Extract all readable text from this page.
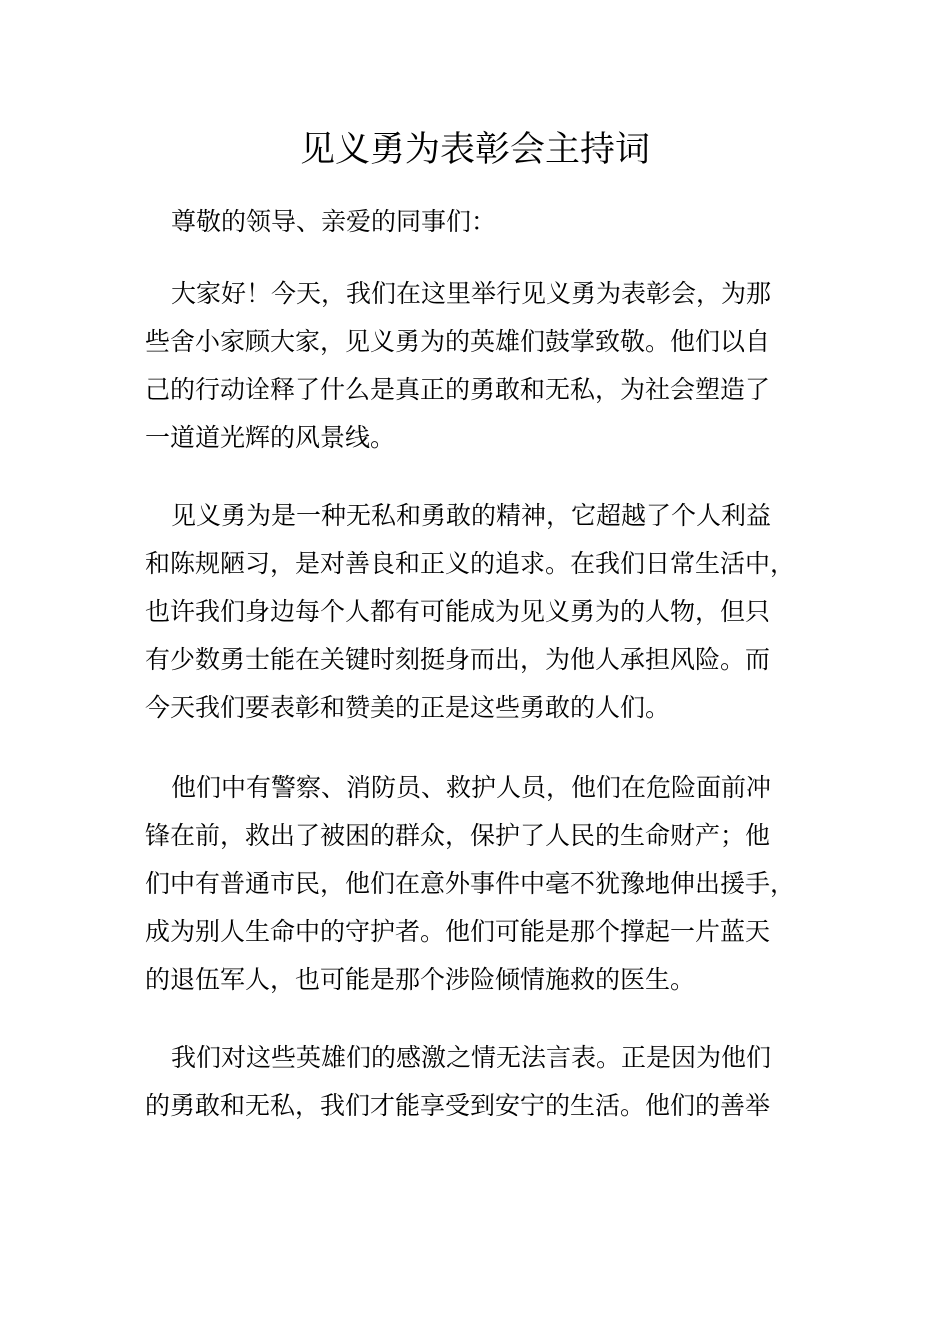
见义勇为表彰会主持词

尊敬的领导、亲爱的同事们：

大家好！今天，我们在这里举行见义勇为表彰会，为那
些舍小家顾大家，见义勇为的英雄们鼓掌致敬。他们以自
己的行动诠释了什么是真正的勇敢和无私，为社会塑造了
一道道光辉的风景线。

见义勇为是一种无私和勇敢的精神，它超越了个人利益
和陈规陋习，是对善良和正义的追求。在我们日常生活中，
也许我们身边每个人都有可能成为见义勇为的人物，但只
有少数勇士能在关键时刻挺身而出，为他人承担风险。而
今天我们要表彰和赞美的正是这些勇敢的人们。

他们中有警察、消防员、救护人员，他们在危险面前冲
锋在前，救出了被困的群众，保护了人民的生命财产；他
们中有普通市民，他们在意外事件中毫不犹豫地伸出援手，
成为别人生命中的守护者。他们可能是那个撑起一片蓝天
的退伍军人，也可能是那个涉险倾情施救的医生。

我们对这些英雄们的感激之情无法言表。正是因为他们
的勇敢和无私，我们才能享受到安宁的生活。他们的善举
